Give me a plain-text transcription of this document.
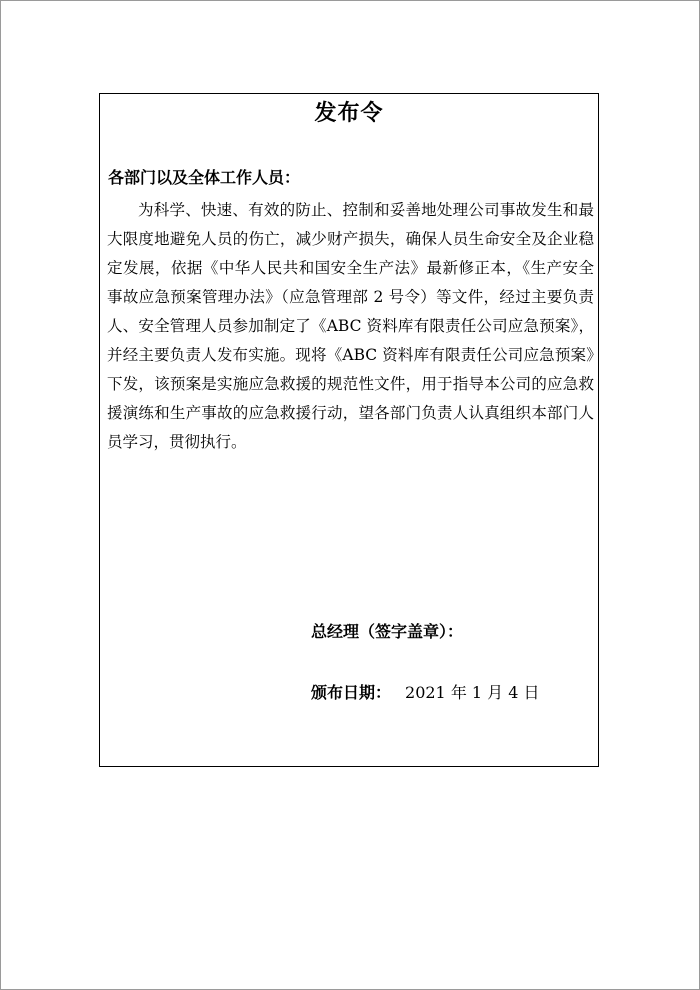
发布令
各部门以及全体工作人员：

为科学、快速、有效的防止、控制和妥善地处理公司事故发生和最大限度地避免人员的伤亡，减少财产损失，确保人员生命安全及企业稳定发展，依据《中华人民共和国安全生产法》最新修正本，《生产安全事故应急预案管理办法》（应急管理部 2 号令）等文件，经过主要负责人、安全管理人员参加制定了《ABC 资料库有限责任公司应急预案》，并经主要负责人发布实施。现将《ABC 资料库有限责任公司应急预案》下发，该预案是实施应急救援的规范性文件，用于指导本公司的应急救援演练和生产事故的应急救援行动，望各部门负责人认真组织本部门人员学习，贯彻执行。

总经理（签字盖章）：
颁布日期： 2021 年 1 月 4 日
